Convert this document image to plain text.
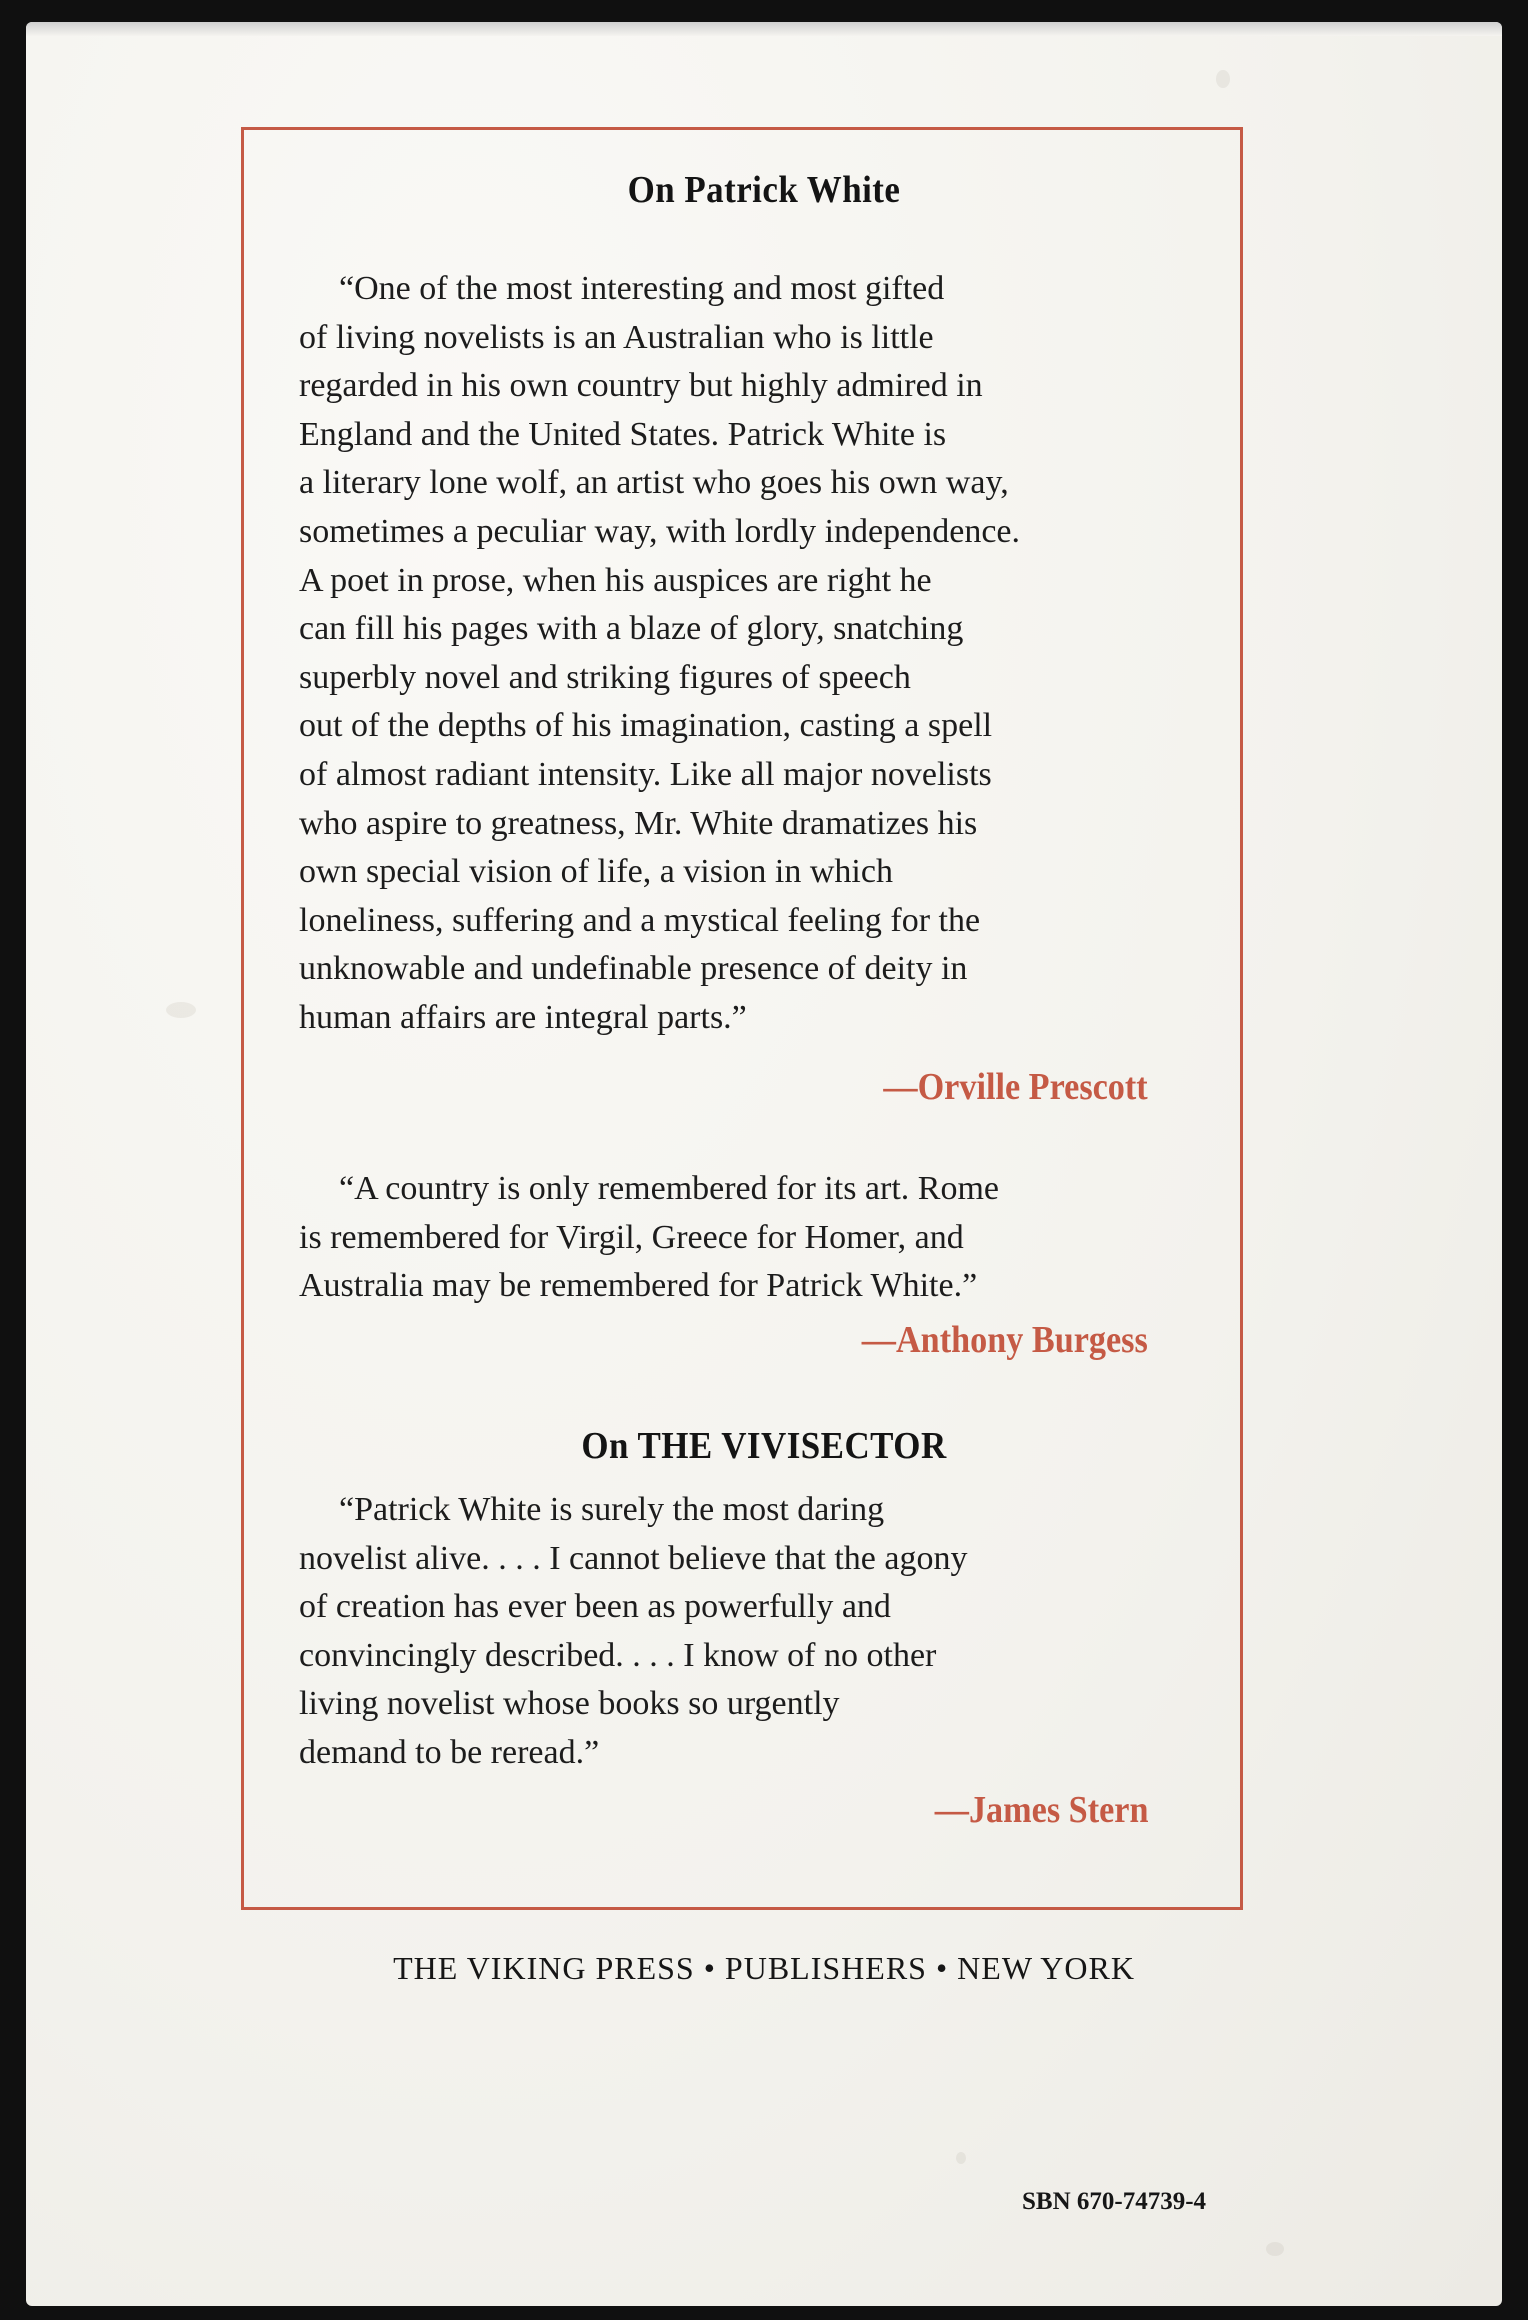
On Patrick White
“One of the most interesting and most gifted
of living novelists is an Australian who is little
regarded in his own country but highly admired in
England and the United States. Patrick White is
a literary lone wolf, an artist who goes his own way,
sometimes a peculiar way, with lordly independence.
A poet in prose, when his auspices are right he
can fill his pages with a blaze of glory, snatching
superbly novel and striking figures of speech
out of the depths of his imagination, casting a spell
of almost radiant intensity. Like all major novelists
who aspire to greatness, Mr. White dramatizes his
own special vision of life, a vision in which
loneliness, suffering and a mystical feeling for the
unknowable and undefinable presence of deity in
human affairs are integral parts.”
—Orville Prescott
“A country is only remembered for its art. Rome
is remembered for Virgil, Greece for Homer, and
Australia may be remembered for Patrick White.”
—Anthony Burgess
On THE VIVISECTOR
“Patrick White is surely the most daring
novelist alive. . . . I cannot believe that the agony
of creation has ever been as powerfully and
convincingly described. . . . I know of no other
living novelist whose books so urgently
demand to be reread.”
—James Stern
THE VIKING PRESS • PUBLISHERS • NEW YORK
SBN 670-74739-4
